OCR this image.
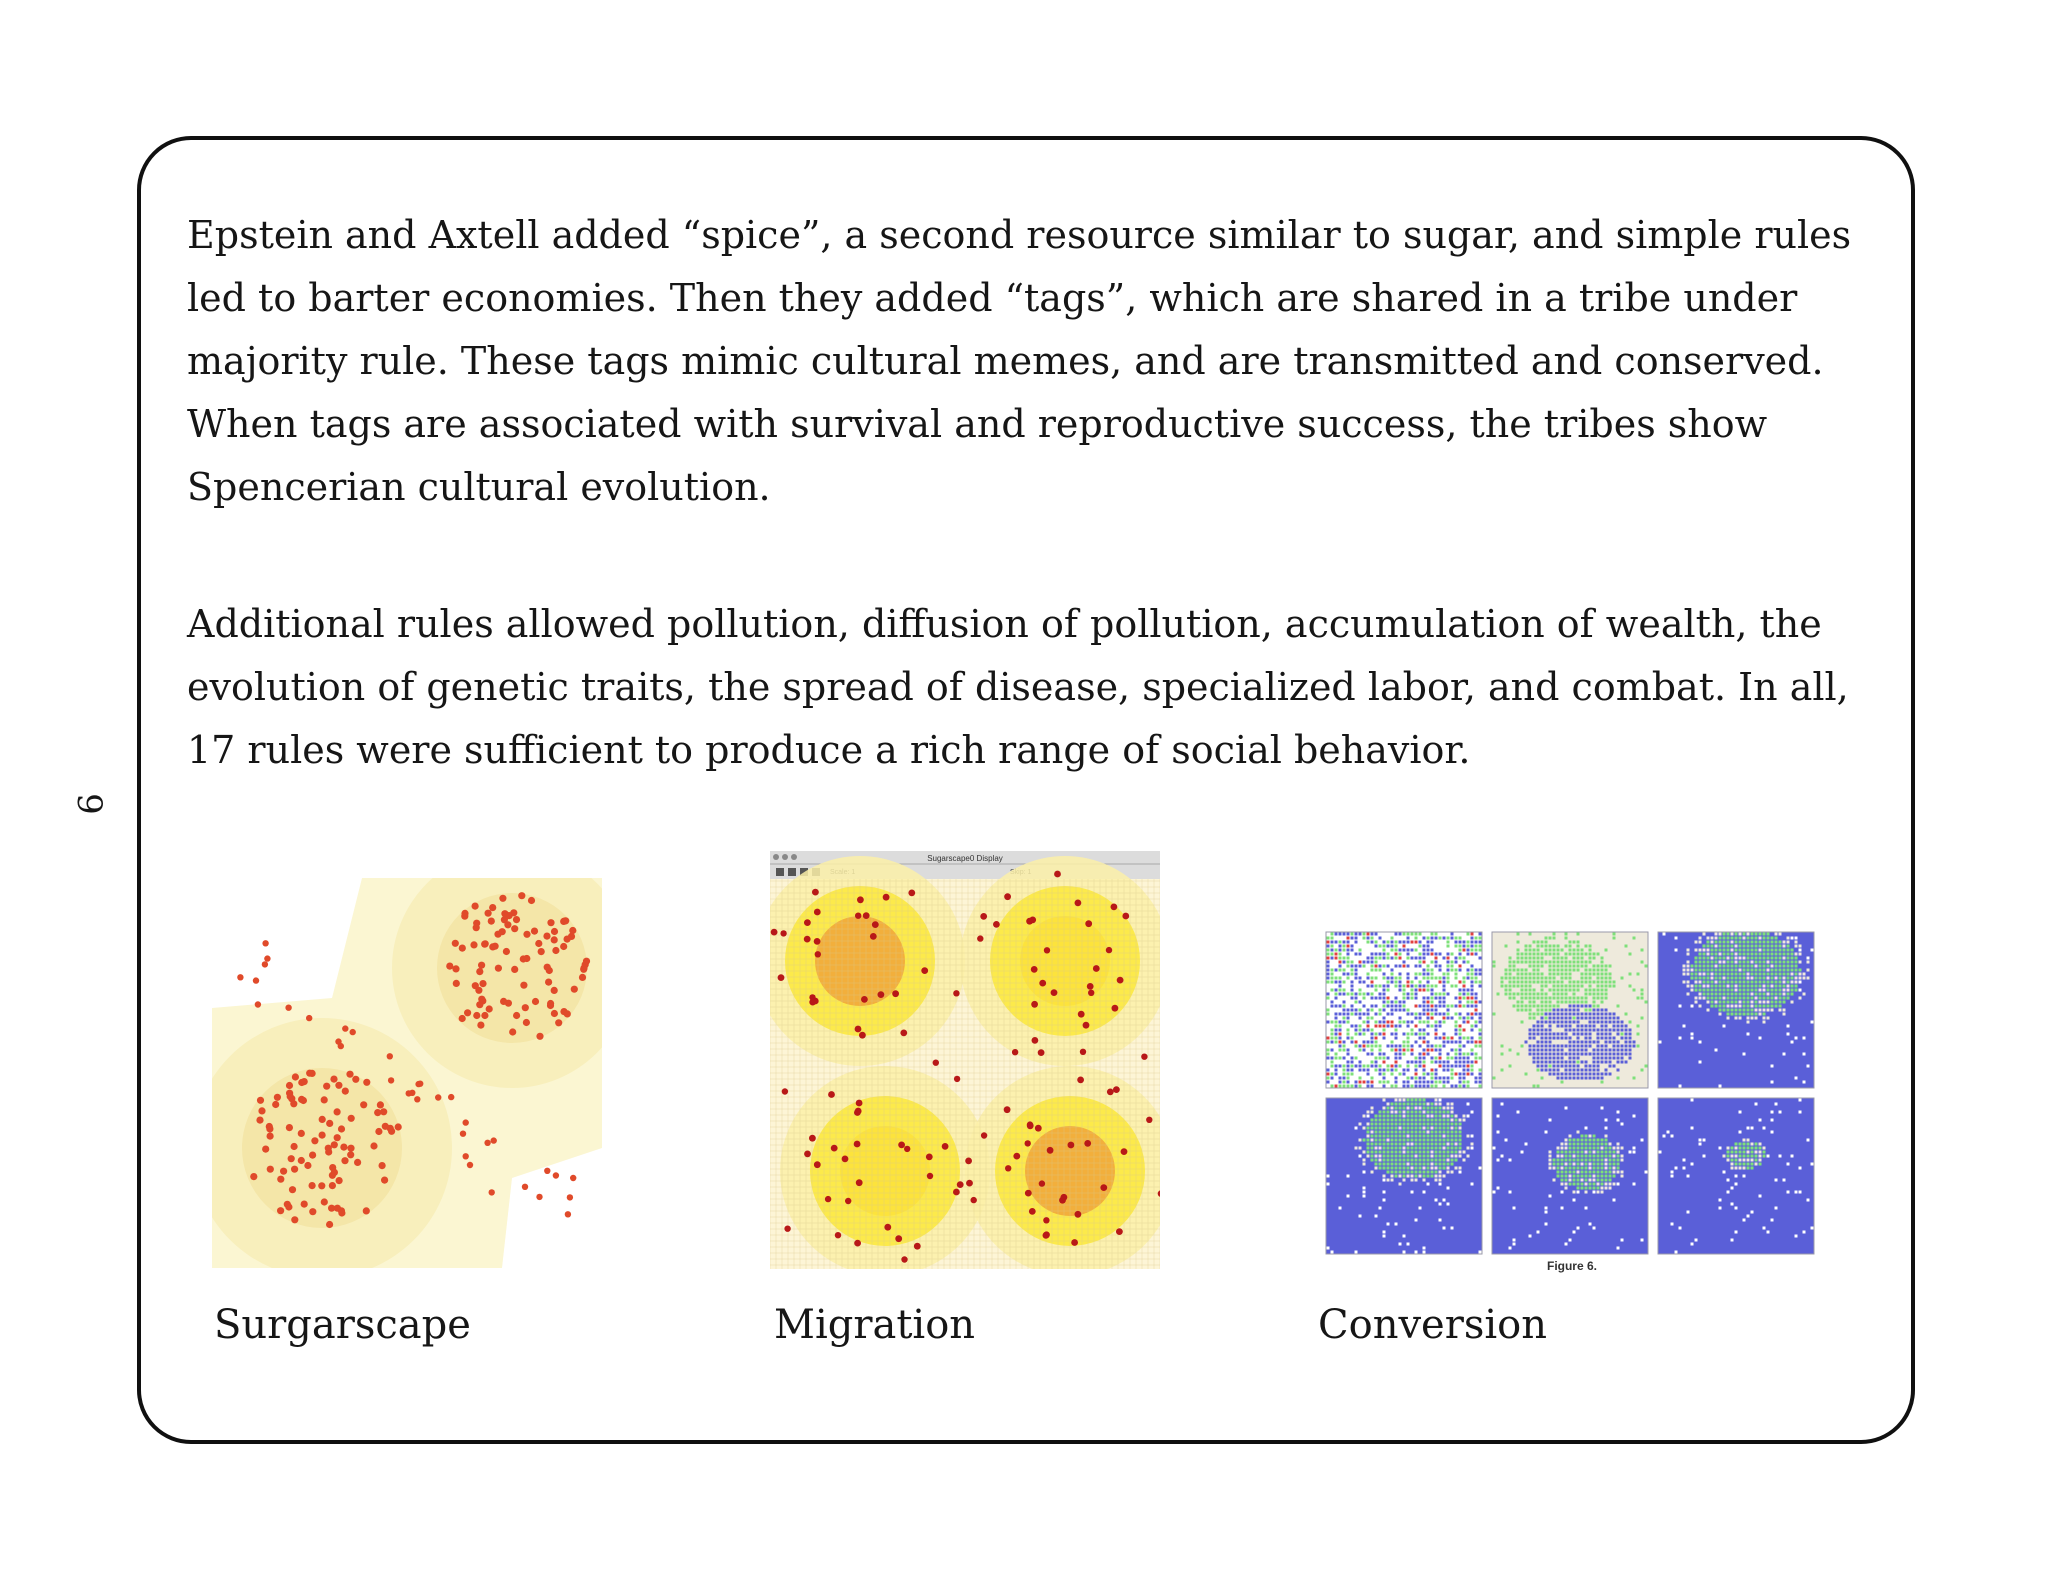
9

Epstein and Axtell added “spice”, a second resource similar to sugar, and simple rules
led to barter economies. Then they added “tags”, which are shared in a tribe under
majority rule. These tags mimic cultural memes, and are transmitted and conserved.
When tags are associated with survival and reproductive success, the tribes show
Spencerian cultural evolution.

Additional rules allowed pollution, diffusion of pollution, accumulation of wealth, the
evolution of genetic traits, the spread of disease, specialized labor, and combat. In all,
17 rules were sufficient to produce a rich range of social behavior.

Sugarscape0 Display
Figure 6.
Surgarscape	Migration	Conversion
